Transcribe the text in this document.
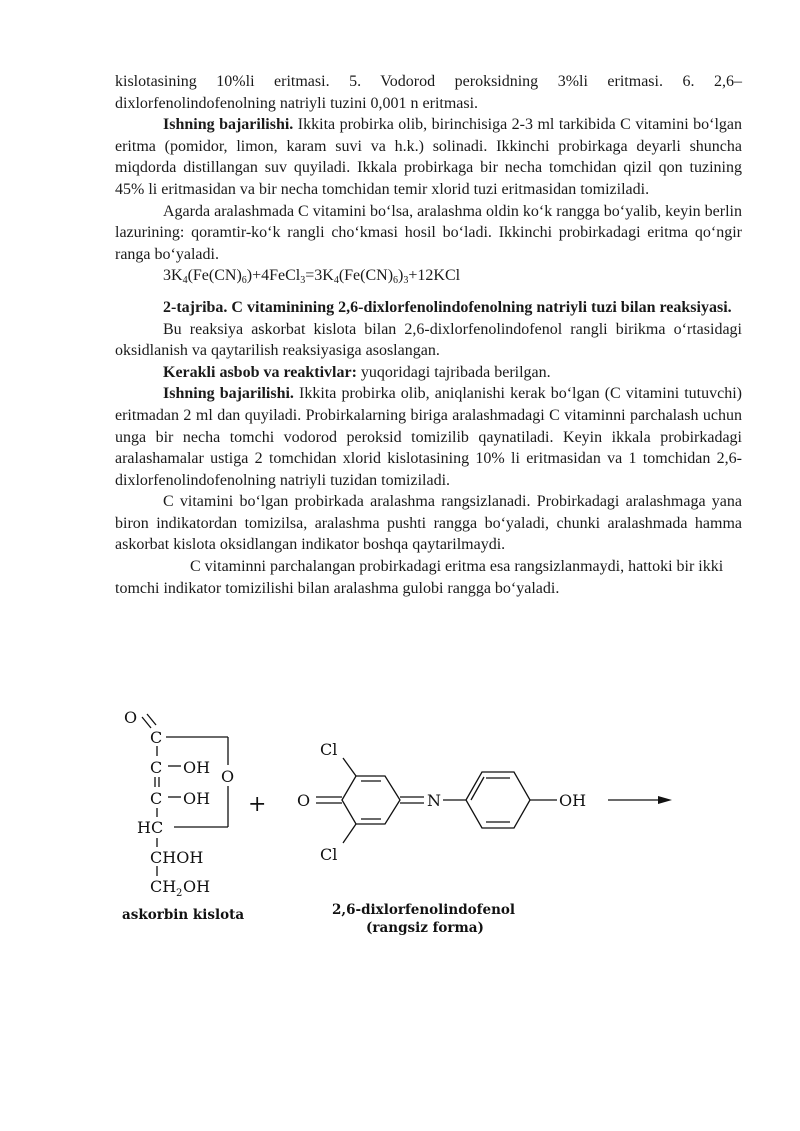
kislotasining 10%li eritmasi. 5. Vodorod peroksidning 3%li eritmasi. 6. 2,6–dixlorfenolindofenolning natriyli tuzini 0,001 n eritmasi.

Ishning bajarilishi. Ikkita probirka olib, birinchisiga 2-3 ml tarkibida C vitamini bo‘lgan eritma (pomidor, limon, karam suvi va h.k.) solinadi. Ikkinchi probirkaga deyarli shuncha miqdorda distillangan suv quyiladi. Ikkala probirkaga bir necha tomchidan qizil qon tuzining 45% li eritmasidan va bir necha tomchidan temir xlorid tuzi eritmasidan tomiziladi.

Agarda aralashmada C vitamini bo‘lsa, aralashma oldin ko‘k rangga bo‘yalib, keyin berlin lazurining: qoramtir-ko‘k rangli cho‘kmasi hosil bo‘ladi. Ikkinchi probirkadagi eritma qo‘ngir ranga bo‘yaladi.

$3K_4(Fe(CN)_6)+4FeCl_3=3K_4(Fe(CN)_6)_3+12KCl$

2-tajriba. C vitaminining 2,6-dixlorfenolindofenolning natriyli tuzi bilan reaksiyasi.

Bu reaksiya askorbat kislota bilan 2,6-dixlorfenolindofenol rangli birikma o‘rtasidagi oksidlanish va qaytarilish reaksiyasiga asoslangan.

Kerakli asbob va reaktivlar: yuqoridagi tajribada berilgan.

Ishning bajarilishi. Ikkita probirka olib, aniqlanishi kerak bo‘lgan (C vitamini tutuvchi) eritmadan 2 ml dan quyiladi. Probirkalarning biriga aralashmadagi C vitaminni parchalash uchun unga bir necha tomchi vodorod peroksid tomizilib qaynatiladi. Keyin ikkala probirkadagi aralashamalar ustiga 2 tomchidan xlorid kislotasining 10% li eritmasidan va 1 tomchidan 2,6-dixlorfenolindofenolning natriyli tuzidan tomiziladi.

C vitamini bo‘lgan probirkada aralashma rangsizlanadi. Probirkadagi aralashmaga yana biron indikatordan tomizilsa, aralashma pushti rangga bo‘yaladi, chunki aralashmada hamma askorbat kislota oksidlangan indikator boshqa qaytarilmaydi.

C vitaminni parchalangan probirkadagi eritma esa rangsizlanmaydi, hattoki bir ikki tomchi indikator tomizilishi bilan aralashma gulobi rangga bo‘yaladi.

O
C
C OH
C OH
O
HC
CHOH
CH 2 OH
askorbin kislota
+
Cl
Cl
O	N	OH
2,6-dixlorfenolindofenol
(rangsiz forma)
